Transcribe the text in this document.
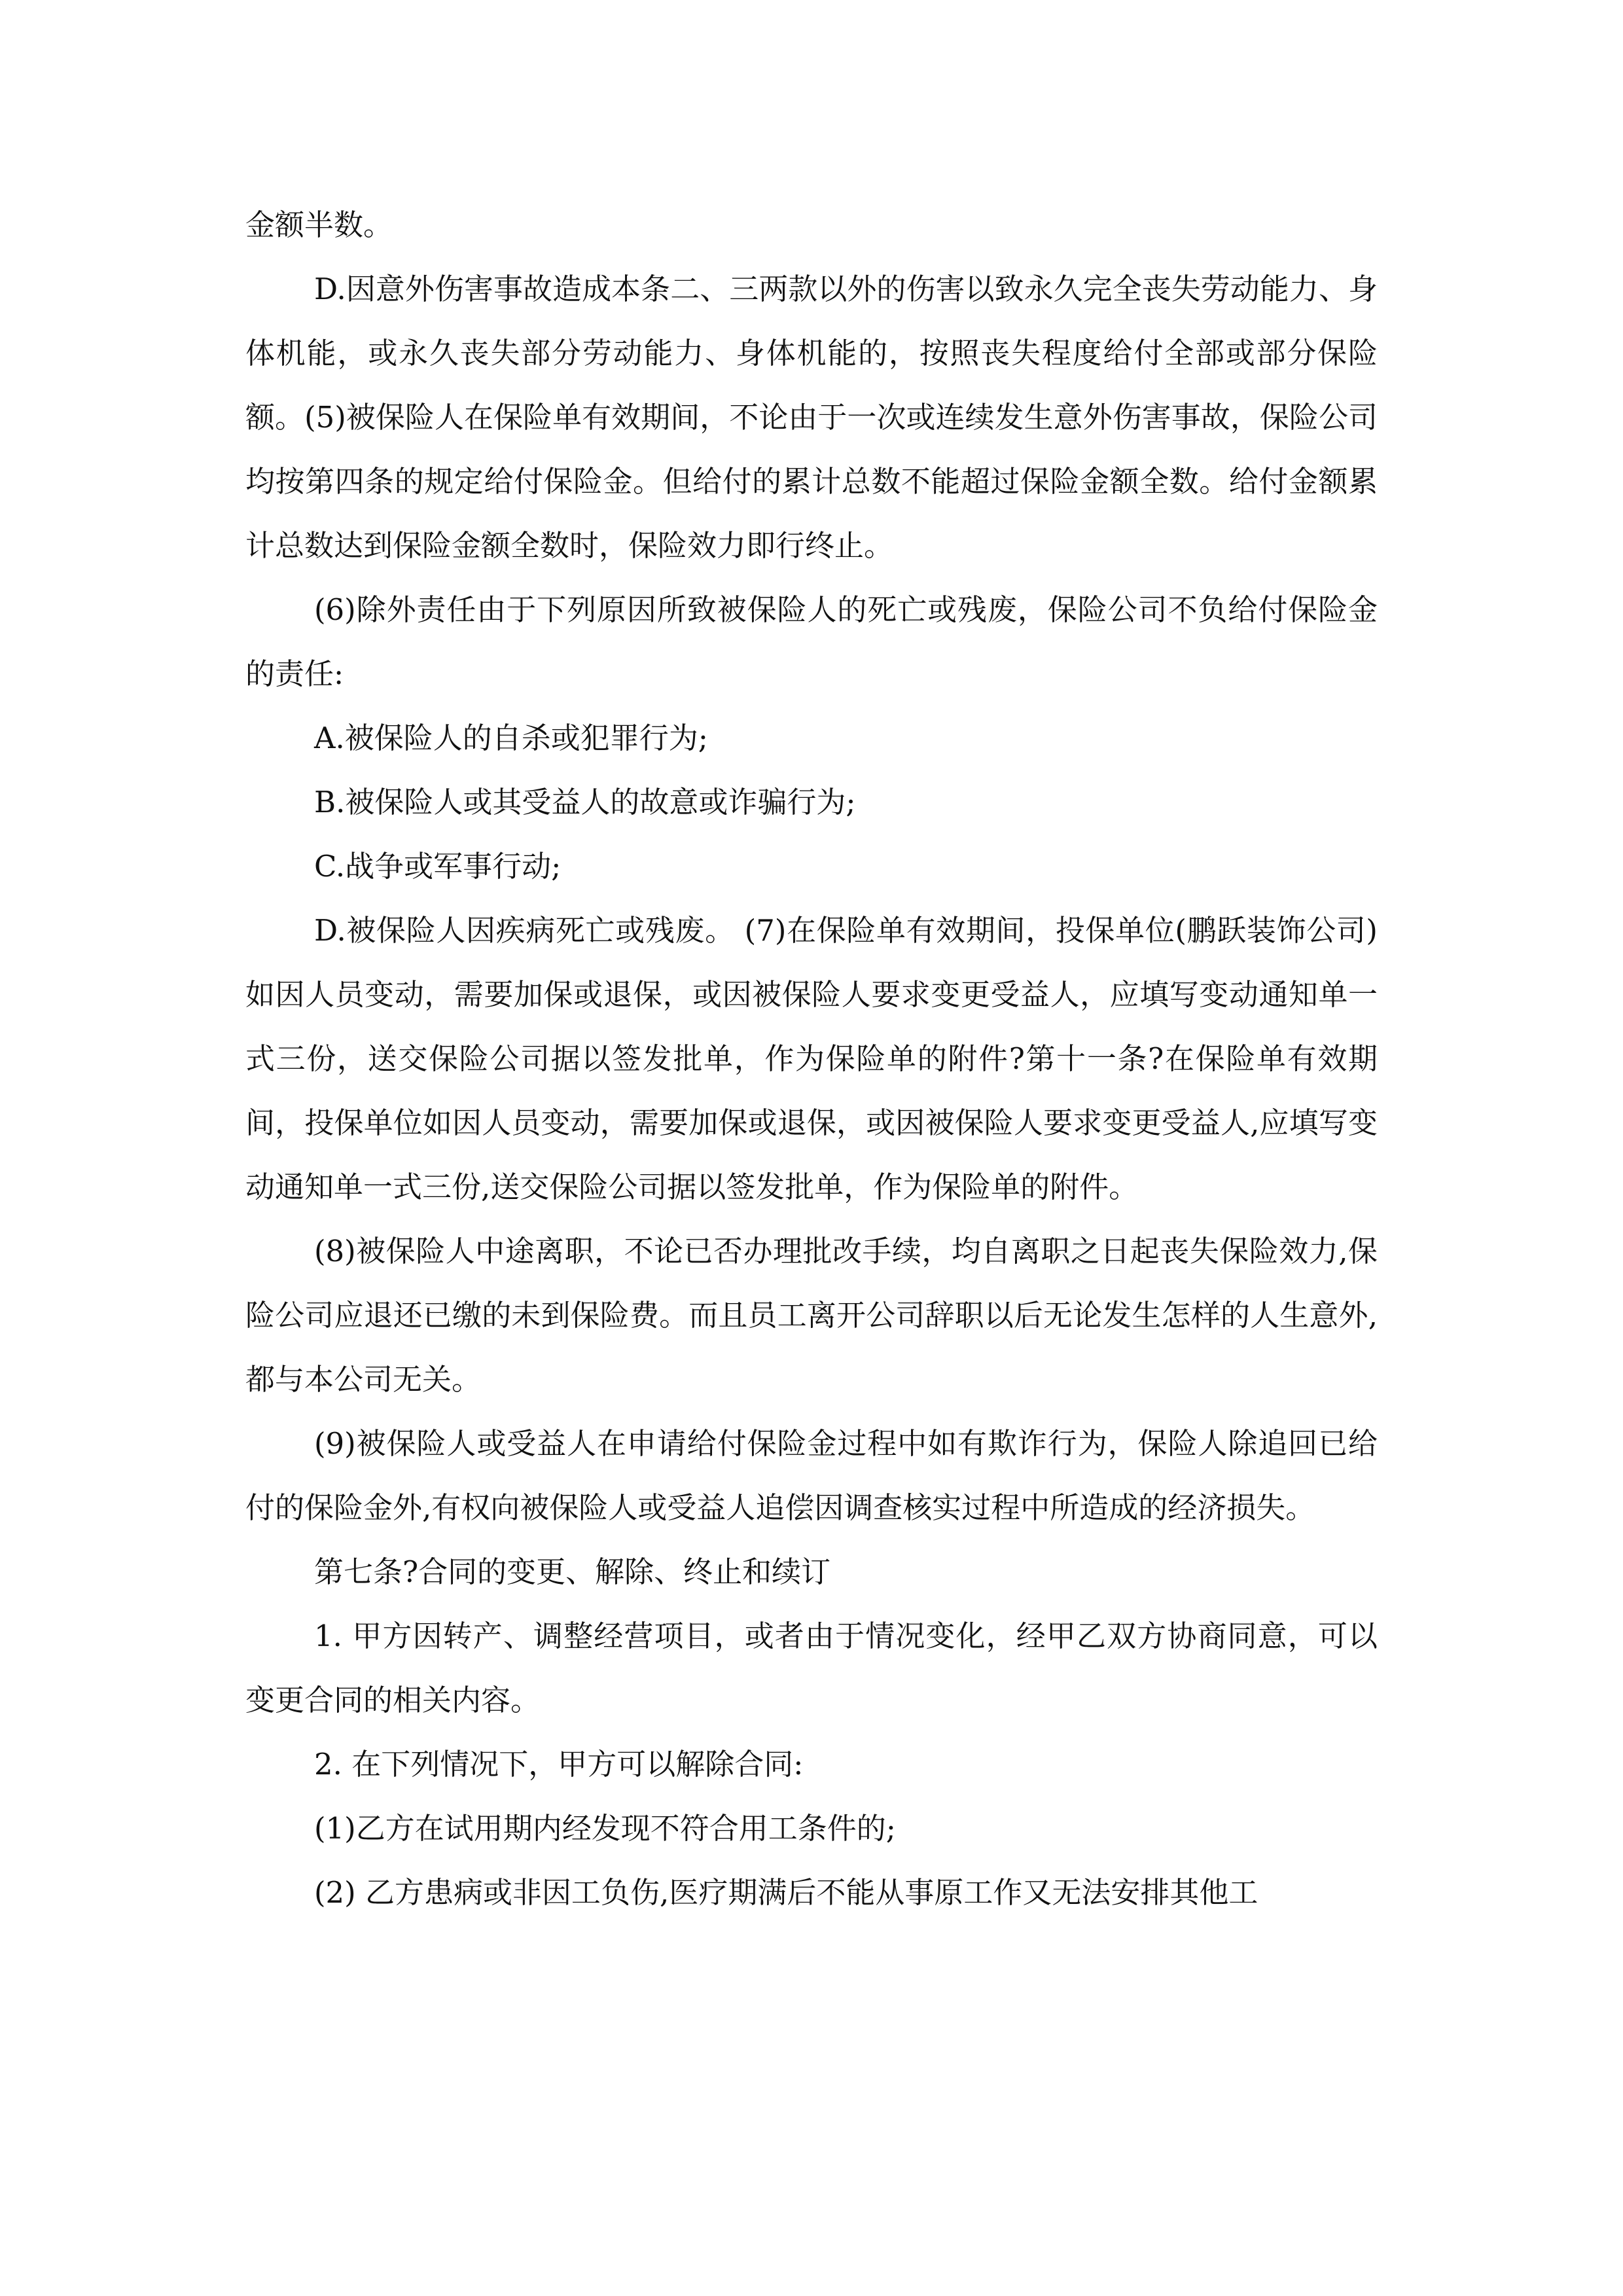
金额半数。

D.因意外伤害事故造成本条二、三两款以外的伤害以致永久完全丧失劳动能力、身体机能，或永久丧失部分劳动能力、身体机能的，按照丧失程度给付全部或部分保险额。(5)被保险人在保险单有效期间，不论由于一次或连续发生意外伤害事故，保险公司均按第四条的规定给付保险金。但给付的累计总数不能超过保险金额全数。给付金额累计总数达到保险金额全数时，保险效力即行终止。

(6)除外责任由于下列原因所致被保险人的死亡或残废，保险公司不负给付保险金的责任:

A.被保险人的自杀或犯罪行为;

B.被保险人或其受益人的故意或诈骗行为;

C.战争或军事行动;

D.被保险人因疾病死亡或残废。 (7)在保险单有效期间，投保单位(鹏跃装饰公司)如因人员变动，需要加保或退保，或因被保险人要求变更受益人，应填写变动通知单一式三份，送交保险公司据以签发批单，作为保险单的附件?第十一条?在保险单有效期间，投保单位如因人员变动，需要加保或退保，或因被保险人要求变更受益人,应填写变动通知单一式三份,送交保险公司据以签发批单，作为保险单的附件。

(8)被保险人中途离职，不论已否办理批改手续，均自离职之日起丧失保险效力,保险公司应退还已缴的未到保险费。而且员工离开公司辞职以后无论发生怎样的人生意外,都与本公司无关。

(9)被保险人或受益人在申请给付保险金过程中如有欺诈行为，保险人除追回已给付的保险金外,有权向被保险人或受益人追偿因调查核实过程中所造成的经济损失。

第七条?合同的变更、解除、终止和续订

1. 甲方因转产、调整经营项目，或者由于情况变化，经甲乙双方协商同意，可以变更合同的相关内容。

2. 在下列情况下，甲方可以解除合同:

(1)乙方在试用期内经发现不符合用工条件的;

(2) 乙方患病或非因工负伤,医疗期满后不能从事原工作又无法安排其他工
